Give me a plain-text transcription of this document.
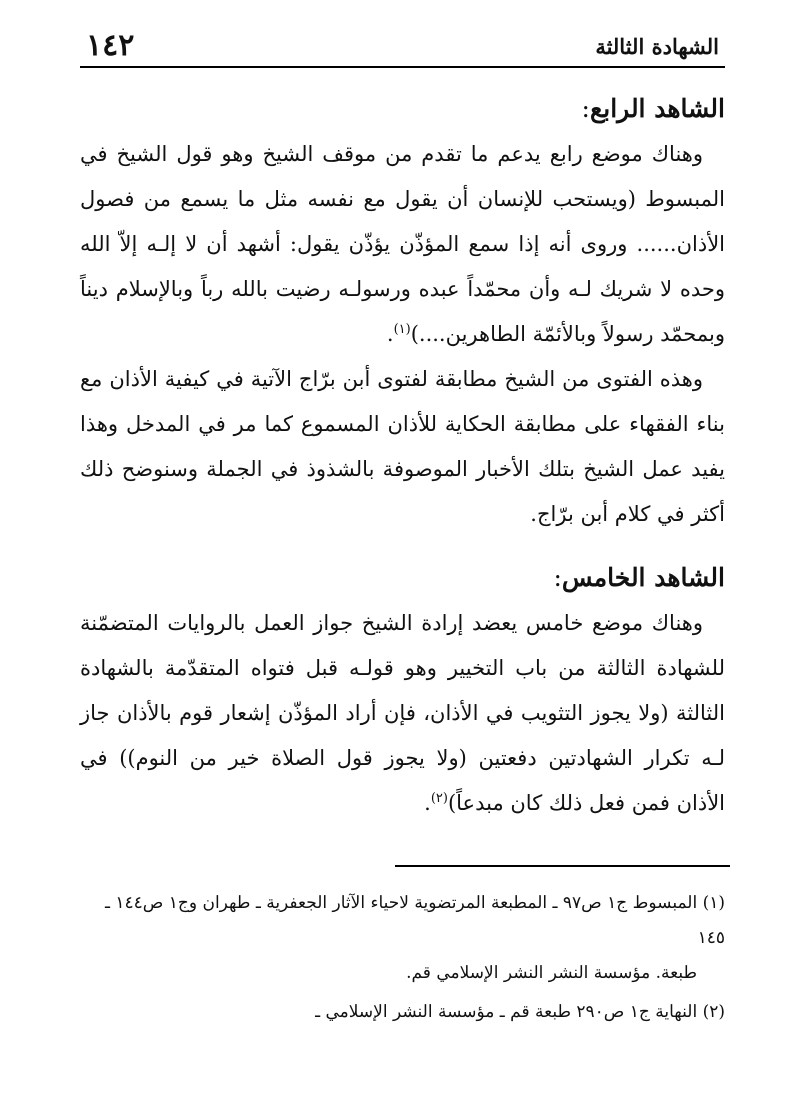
١٤٢	الشهادة الثالثة
الشاهد الرابع:

وهناك موضع رابع يدعم ما تقدم من موقف الشيخ وهو قول الشيخ في المبسوط (ويستحب للإنسان أن يقول مع نفسه مثل ما يسمع من فصول الأذان...... وروى أنه إذا سمع المؤذّن يؤذّن يقول: أشهد أن لا إلـه إلاّ الله وحده لا شريك لـه وأن محمّداً عبده ورسولـه رضيت بالله رباً وبالإسلام ديناً وبمحمّد رسولاً وبالأئمّة الطاهرين....)$^{(١)}$.

وهذه الفتوى من الشيخ مطابقة لفتوى أبن برّاج الآتية في كيفية الأذان مع بناء الفقهاء على مطابقة الحكاية للأذان المسموع كما مر في المدخل وهذا يفيد عمل الشيخ بتلك الأخبار الموصوفة بالشذوذ في الجملة وسنوضح ذلك أكثر في كلام أبن برّاج.

الشاهد الخامس:

وهناك موضع خامس يعضد إرادة الشيخ جواز العمل بالروايات المتضمّنة للشهادة الثالثة من باب التخيير وهو قولـه قبل فتواه المتقدّمة بالشهادة الثالثة (ولا يجوز التثويب في الأذان، فإن أراد المؤذّن إشعار قوم بالأذان جاز لـه تكرار الشهادتين دفعتين (ولا يجوز قول الصلاة خير من النوم)) في الأذان فمن فعل ذلك كان مبدعاً)$^{(٢)}$.

(١) المبسوط ج١ ص٩٧ ـ المطبعة المرتضوية لاحياء الآثار الجعفرية ـ طهران وج١ ص١٤٤ ـ ١٤٥
طبعة. مؤسسة النشر النشر الإسلامي قم.

(٢) النهاية ج١ ص٢٩٠ طبعة قم ـ مؤسسة النشر الإسلامي ـ
